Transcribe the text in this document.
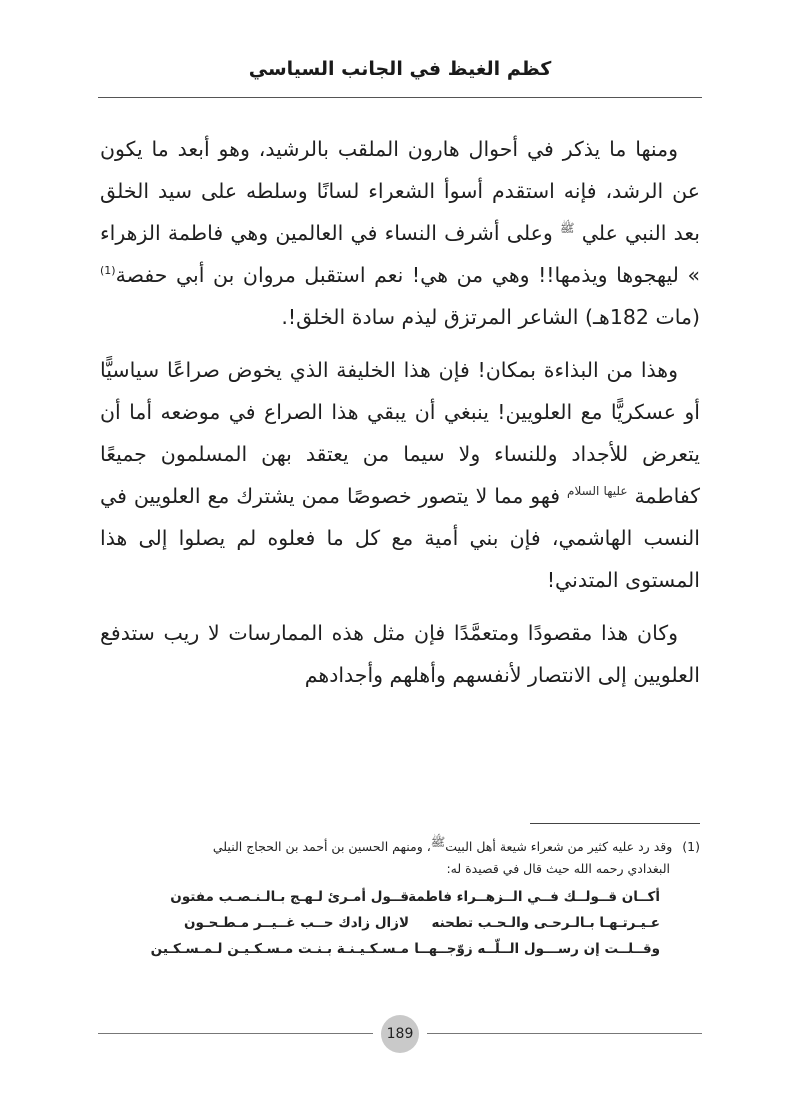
كظم الغيظ في الجانب السياسي

ومنها ما يذكر في أحوال هارون الملقب بالرشيد، وهو أبعد ما يكون عن الرشد، فإنه استقدم أسوأ الشعراء لسانًا وسلطه على سيد الخلق بعد النبي علي $^ﷺ$ وعلى أشرف النساء في العالمين وهي فاطمة الزهراء » ليهجوها ويذمها!! وهي من هي! نعم استقبل مروان بن أبي حفصة$^{(1)}$ (مات 182هـ) الشاعر المرتزق ليذم سادة الخلق!.

وهذا من البذاءة بمكان! فإن هذا الخليفة الذي يخوض صراعًا سياسيًّا أو عسكريًّا مع العلويين! ينبغي أن يبقي هذا الصراع في موضعه أما أن يتعرض للأجداد وللنساء ولا سيما من يعتقد بهن المسلمون جميعًا كفاطمة $^{عليها السلام}$ فهو مما لا يتصور خصوصًا ممن يشترك مع العلويين في النسب الهاشمي، فإن بني أمية مع كل ما فعلوه لم يصلوا إلى هذا المستوى المتدني!

وكان هذا مقصودًا ومتعمَّدًا فإن مثل هذه الممارسات لا ريب ستدفع العلويين إلى الانتصار لأنفسهم وأهلهم وأجدادهم

(1)وقد رد عليه كثير من شعراء شيعة أهل البيتﷺ، ومنهم الحسين بن أحمد بن الحجاج النيلي
البغدادي رحمه الله حيث قال في قصيدة له:
أكــان قــولــك فــي الــزهــراء فاطمة
قــول أمـرئ لـهـج بـالـنـصـب مفتون
عـيـرتـهـا بـالـرحـى والـحـب تطحنه
لازال زادك حــب غــيــر مـطـحـون
وقــلــت إن رســـول الــلّــه زوّجــهــا
مـسـكـيـنـة بـنـت مـسـكـيـن لـمـسـكـين
189
